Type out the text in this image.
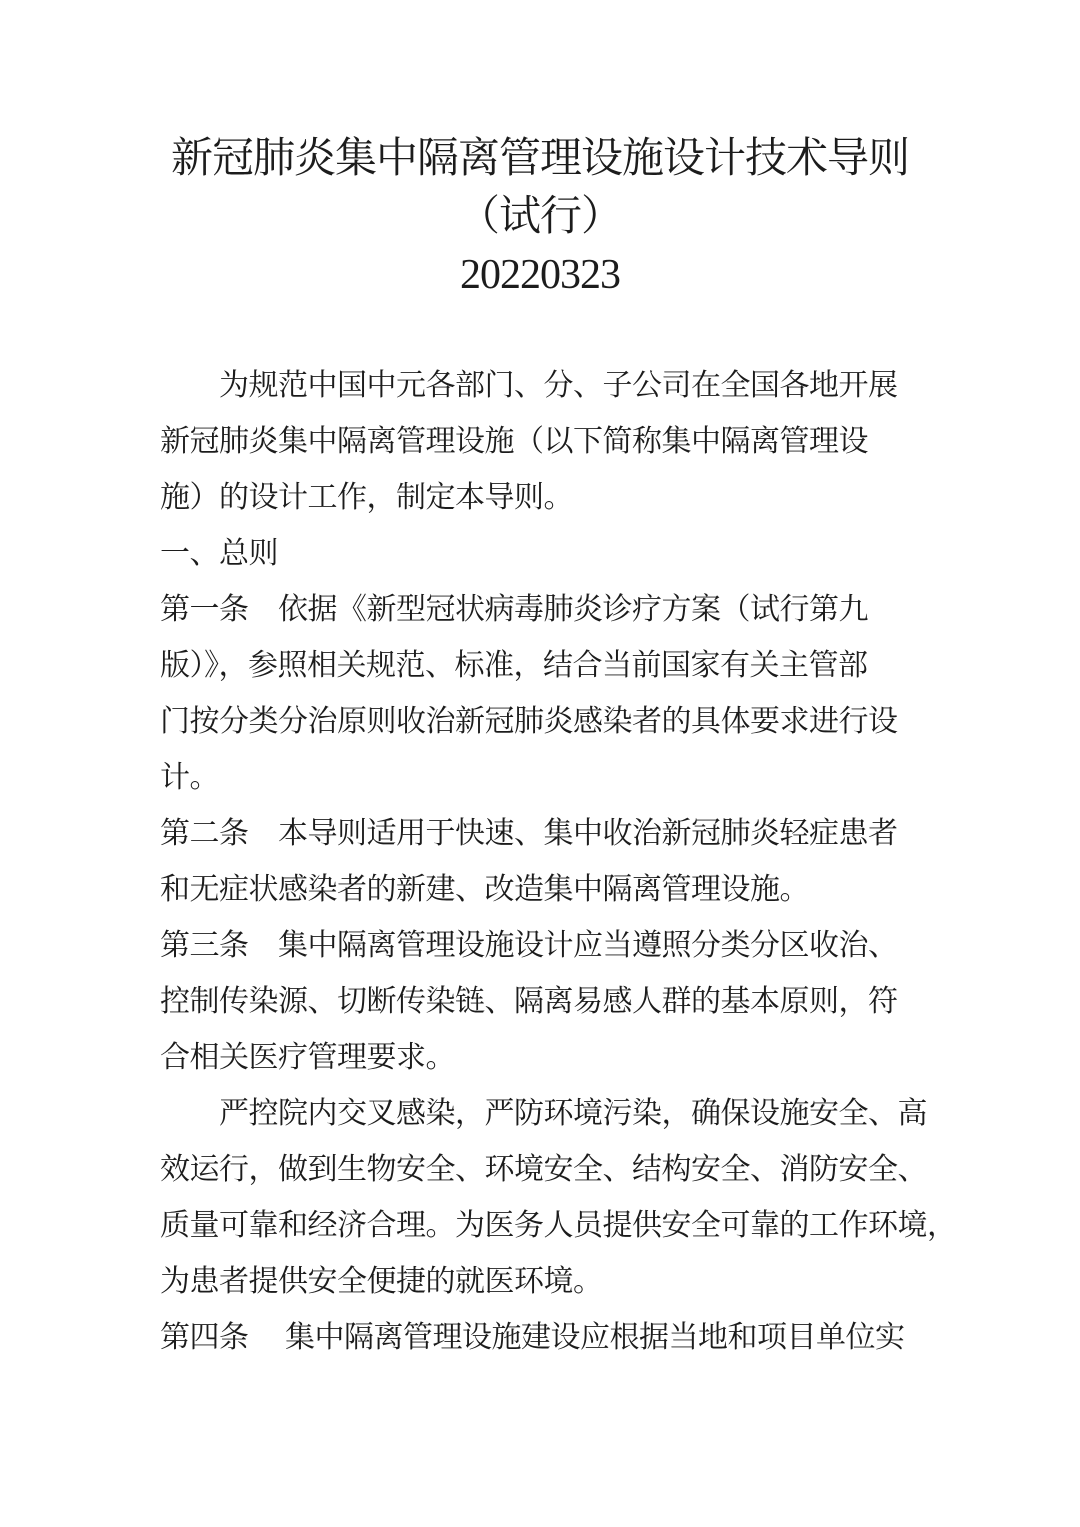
新冠肺炎集中隔离管理设施设计技术导则
（试行）
20220323
为规范中国中元各部门、分、子公司在全国各地开展
新冠肺炎集中隔离管理设施（以下简称集中隔离管理设
施）的设计工作，制定本导则。
一、总则
第一条　依据《新型冠状病毒肺炎诊疗方案（试行第九
版）》，参照相关规范、标准，结合当前国家有关主管部
门按分类分治原则收治新冠肺炎感染者的具体要求进行设
计。
第二条　本导则适用于快速、集中收治新冠肺炎轻症患者
和无症状感染者的新建、改造集中隔离管理设施。
第三条　集中隔离管理设施设计应当遵照分类分区收治、
控制传染源、切断传染链、隔离易感人群的基本原则，符
合相关医疗管理要求。
严控院内交叉感染，严防环境污染，确保设施安全、高
效运行，做到生物安全、环境安全、结构安全、消防安全、
质量可靠和经济合理。为医务人员提供安全可靠的工作环境，
为患者提供安全便捷的就医环境。
第四条　 集中隔离管理设施建设应根据当地和项目单位实
